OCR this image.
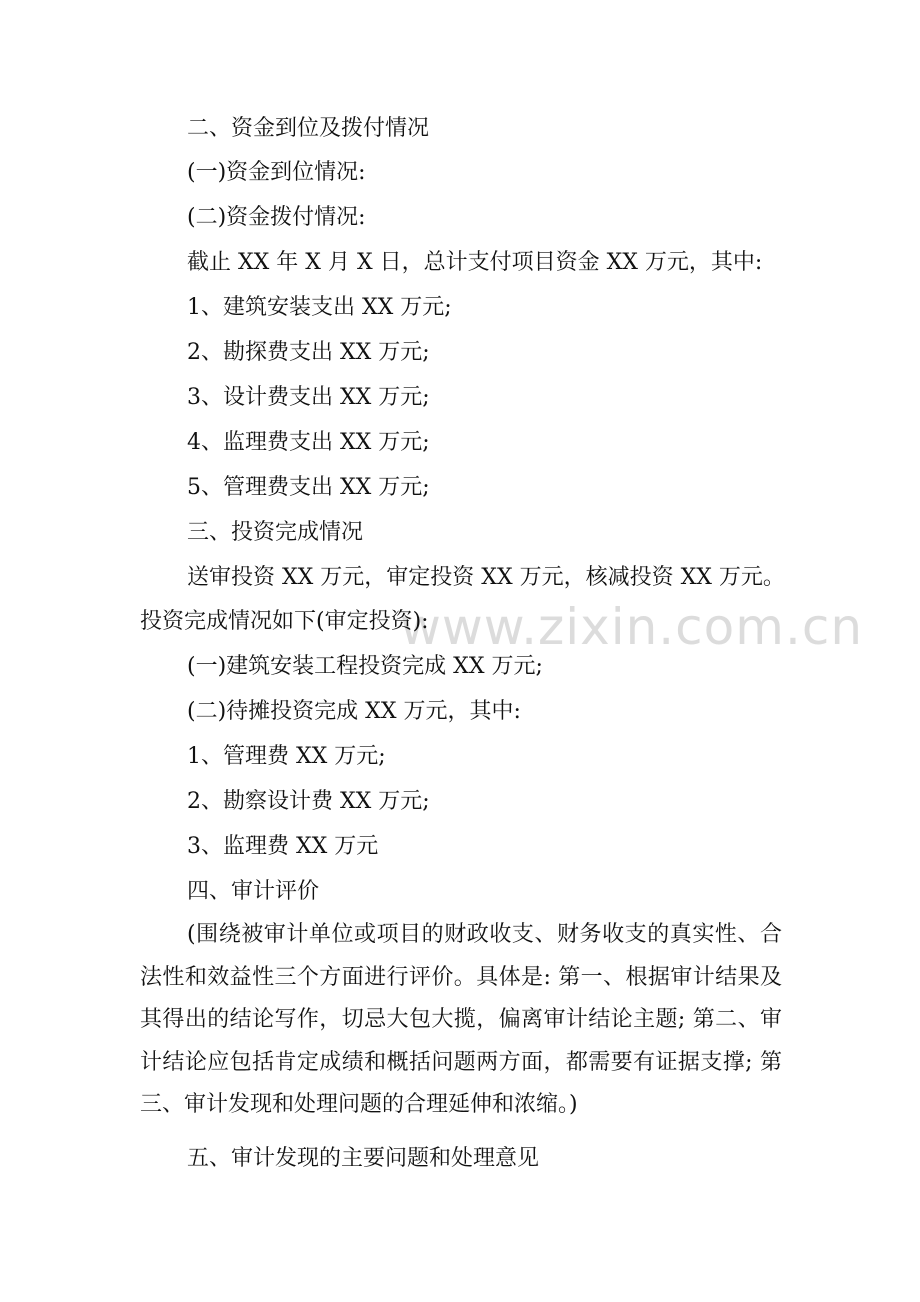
www.zixin.com.cn
二、资金到位及拨付情况
(一)资金到位情况:
(二)资金拨付情况:
截止 XX 年 X 月 X 日，总计支付项目资金 XX 万元，其中:
1、建筑安装支出 XX 万元;
2、勘探费支出 XX 万元;
3、设计费支出 XX 万元;
4、监理费支出 XX 万元;
5、管理费支出 XX 万元;
三、投资完成情况
送审投资 XX 万元，审定投资 XX 万元，核减投资 XX 万元。
投资完成情况如下(审定投资):
(一)建筑安装工程投资完成 XX 万元;
(二)待摊投资完成 XX 万元，其中:
1、管理费 XX 万元;
2、勘察设计费 XX 万元;
3、监理费 XX 万元
四、审计评价
(围绕被审计单位或项目的财政收支、财务收支的真实性、合法性和效益性三个方面进行评价。具体是: 第一、根据审计结果及其得出的结论写作，切忌大包大揽，偏离审计结论主题; 第二、审计结论应包括肯定成绩和概括问题两方面，都需要有证据支撑; 第三、审计发现和处理问题的合理延伸和浓缩。)
五、审计发现的主要问题和处理意见
